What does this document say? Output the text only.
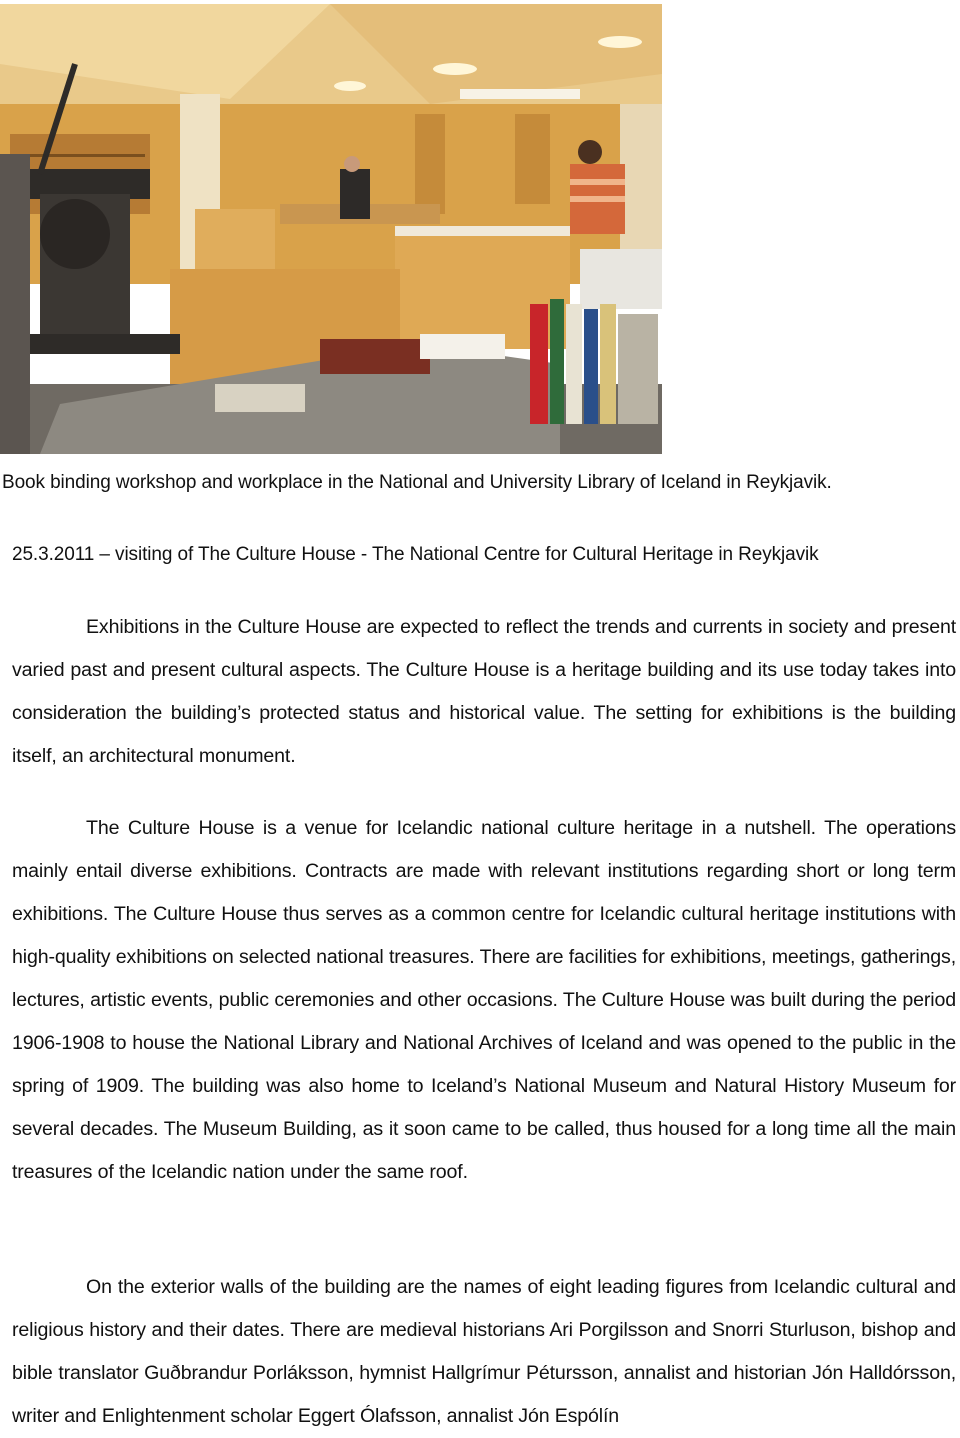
Book binding workshop and workplace in the National and University Library of Iceland in Reykjavik.
25.3.2011 – visiting of The Culture House - The National Centre for Cultural Heritage in Reykjavik

Exhibitions in the Culture House are expected to reflect the trends and currents in society and present varied past and present cultural aspects. The Culture House is a heritage building and its use today takes into consideration the building’s protected status and historical value. The setting for exhibitions is the building itself, an architectural monument.

The Culture House is a venue for Icelandic national culture heritage in a nutshell. The operations mainly entail diverse exhibitions. Contracts are made with relevant institutions regarding short or long term exhibitions. The Culture House thus serves as a common centre for Icelandic cultural heritage institutions with high-quality exhibitions on selected national treasures. There are facilities for exhibitions, meetings, gatherings, lectures, artistic events, public ceremonies and other occasions. The Culture House was built during the period 1906-1908 to house the National Library and National Archives of Iceland and was opened to the public in the spring of 1909. The building was also home to Iceland’s National Museum and Natural History Museum for several decades. The Museum Building, as it soon came to be called, thus housed for a long time all the main treasures of the Icelandic nation under the same roof.

On the exterior walls of the building are the names of eight leading figures from Icelandic cultural and religious history and their dates. There are medieval historians Ari Porgilsson and Snorri Sturluson, bishop and bible translator Guðbrandur Porláksson, hymnist Hallgrímur Pétursson, annalist and historian Jón Halldórsson, writer and Enlightenment scholar Eggert Ólafsson, annalist Jón Espólín
